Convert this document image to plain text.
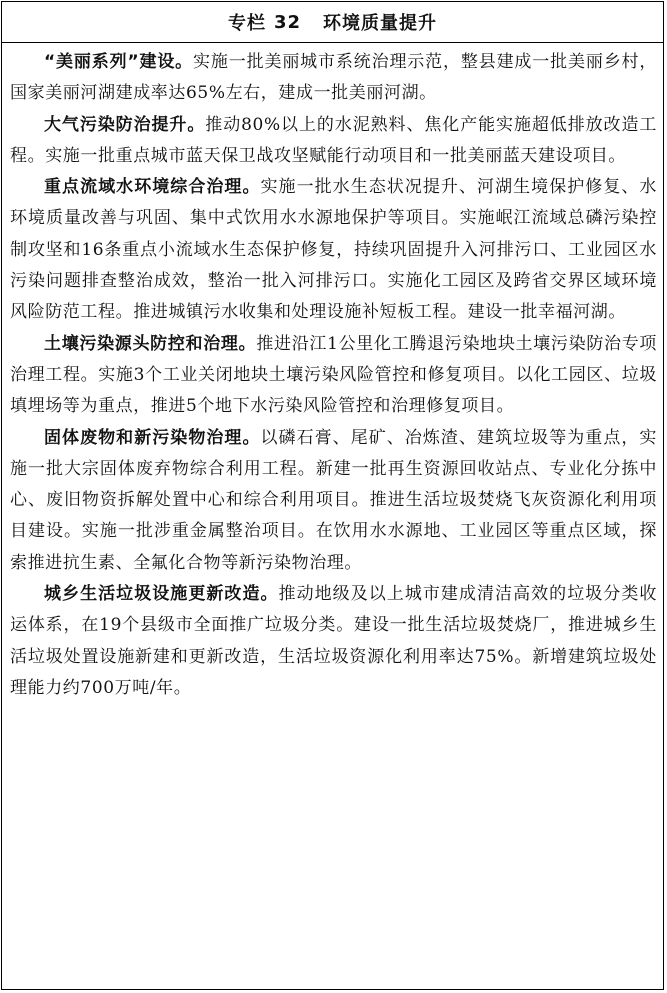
专栏 32 环境质量提升

“美丽系列”建设。实施一批美丽城市系统治理示范，整县建成一批美丽乡村，国家美丽河湖建成率达65%左右，建成一批美丽河湖。

大气污染防治提升。推动80%以上的水泥熟料、焦化产能实施超低排放改造工程。实施一批重点城市蓝天保卫战攻坚赋能行动项目和一批美丽蓝天建设项目。

重点流域水环境综合治理。实施一批水生态状况提升、河湖生境保护修复、水环境质量改善与巩固、集中式饮用水水源地保护等项目。实施岷江流域总磷污染控制攻坚和16条重点小流域水生态保护修复，持续巩固提升入河排污口、工业园区水污染问题排查整治成效，整治一批入河排污口。实施化工园区及跨省交界区域环境风险防范工程。推进城镇污水收集和处理设施补短板工程。建设一批幸福河湖。

土壤污染源头防控和治理。推进沿江1公里化工腾退污染地块土壤污染防治专项治理工程。实施3个工业关闭地块土壤污染风险管控和修复项目。以化工园区、垃圾填埋场等为重点，推进5个地下水污染风险管控和治理修复项目。

固体废物和新污染物治理。以磷石膏、尾矿、冶炼渣、建筑垃圾等为重点，实施一批大宗固体废弃物综合利用工程。新建一批再生资源回收站点、专业化分拣中心、废旧物资拆解处置中心和综合利用项目。推进生活垃圾焚烧飞灰资源化利用项目建设。实施一批涉重金属整治项目。在饮用水水源地、工业园区等重点区域，探索推进抗生素、全氟化合物等新污染物治理。

城乡生活垃圾设施更新改造。推动地级及以上城市建成清洁高效的垃圾分类收运体系，在19个县级市全面推广垃圾分类。建设一批生活垃圾焚烧厂，推进城乡生活垃圾处置设施新建和更新改造，生活垃圾资源化利用率达75%。新增建筑垃圾处理能力约700万吨/年。
